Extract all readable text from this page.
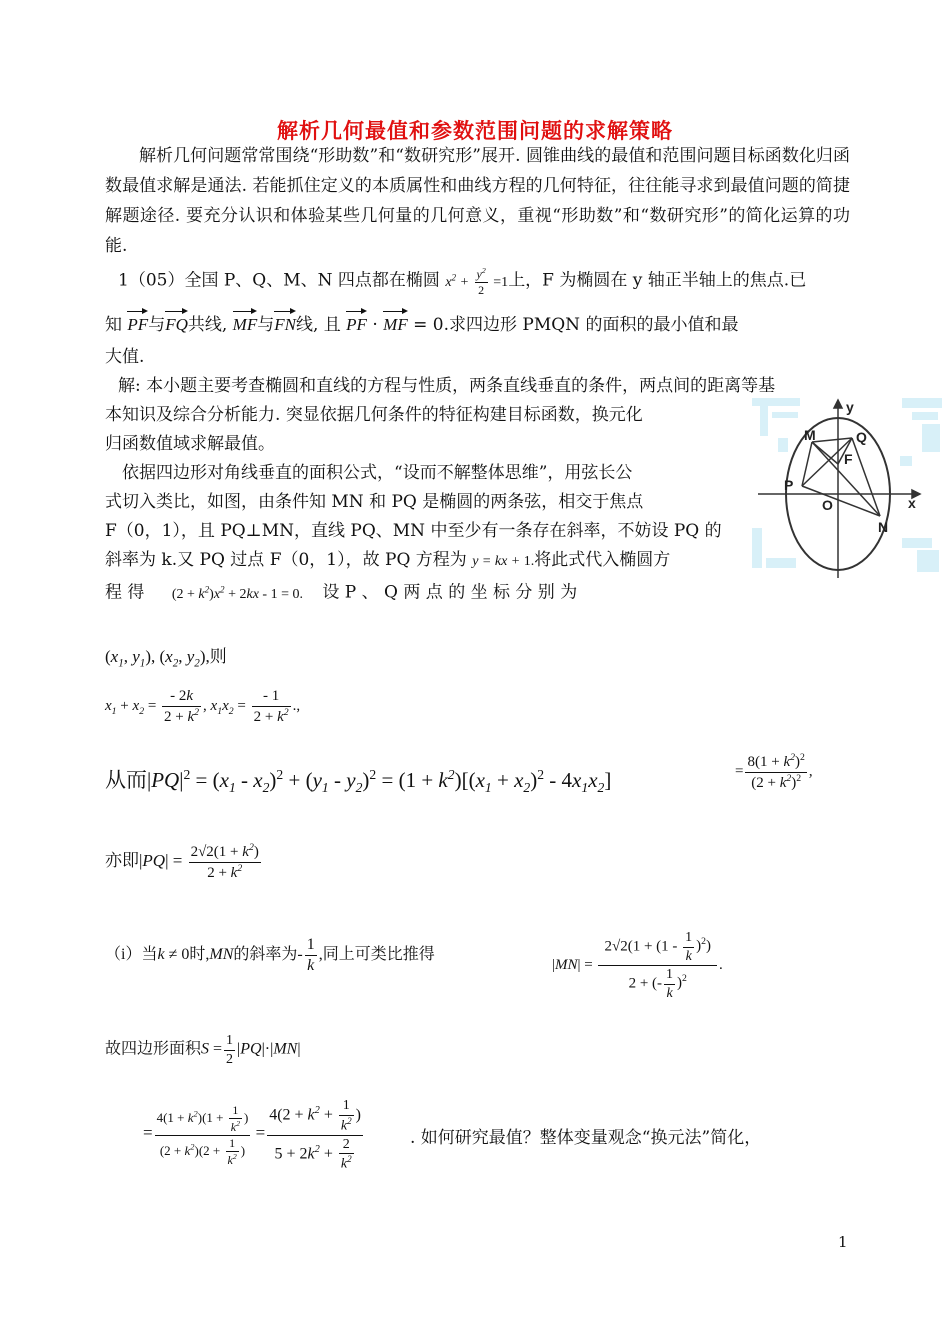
解析几何最值和参数范围问题的求解策略
解析几何问题常常围绕“形助数”和“数研究形”展开. 圆锥曲线的最值和范围问题目标函数化归函数最值求解是通法. 若能抓住定义的本质属性和曲线方程的几何特征，往往能寻求到最值问题的简捷解题途径. 要充分认识和体验某些几何量的几何意义，重视“形助数”和“数研究形”的简化运算的功能.
1（05）全国 P、Q、M、N 四点都在椭圆 $x^2 + \frac{y^2}{2} =1$上，F 为椭圆在 y 轴正半轴上的焦点.已
知 PF与FQ共线, MF与FN线, 且 PF · MF = 0.求四边形 PMQN 的面积的最小值和最
大值.
解: 本小题主要考查椭圆和直线的方程与性质，两条直线垂直的条件，两点间的距离等基
本知识及综合分析能力. 突显依据几何条件的特征构建目标函数，换元化
归函数值域求解最值。
依据四边形对角线垂直的面积公式，“设而不解整体思维”，用弦长公
式切入类比，如图，由条件知 MN 和 PQ 是椭圆的两条弦，相交于焦点
F（0，1），且 PQ⊥MN，直线 PQ、MN 中至少有一条存在斜率，不妨设 PQ 的
斜率为 k.又 PQ 过点 F（0，1），故 PQ 方程为 y = kx + 1.将此式代入椭圆方
程 得 $(2 + k^2)x^2 + 2kx - 1 = 0$. 设 P 、 Q 两 点 的 坐 标 分 别 为
($x_1$, $y_1$), ($x_2$, $y_2$),则
$x_1 + x_2 = \frac{- 2k}{2 + k^2}$ , $x_1x_2 = \frac{- 1}{2 + k^2}$ .,
从而$|PQ|^2 = (x_1 - x_2)^2 + (y_1 - y_2)^2 = (1 + k^2)[(x_1 + x_2)^2 - 4x_1x_2]$	= $\frac{8(1 + k^2)^2}{(2 + k^2)^2}$ ,
亦即$|PQ| = \frac{2√2(1 + k^2)}{2 + k^2}$
（i）当k ≠ 0时,MN的斜率为- $\frac{1}{k}$ ,同上可类比推得
$|MN| = \frac{2√2(1 + (1 - \frac{1}{k} )^2)}{2 + (- \frac{1}{k} )^2}$ .
故四边形面积$S = \frac{1}{2} |PQ|\cdot|MN|$
= $\frac{4(1 + k^2)(1 + \frac{1}{k^2} )}{(2 + k^2)(2 + \frac{1}{k^2} )} = \frac{4(2 + k^2 + \frac{1}{k^2} )}{5 + 2k^2 + \frac{2}{k^2}}$	. 如何研究最值？整体变量观念“换元法”简化，
y
x
M	Q
F
P
O
N
1
